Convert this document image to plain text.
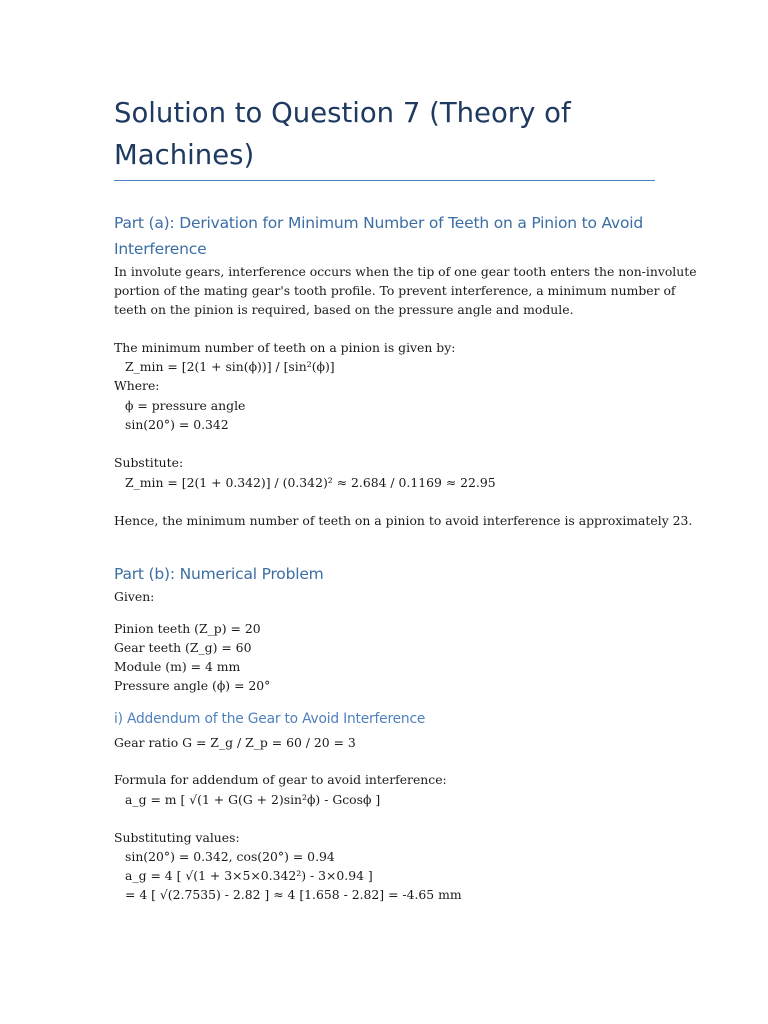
Solution to Question 7 (Theory of Machines)
Part (a): Derivation for Minimum Number of Teeth on a Pinion to Avoid Interference

In involute gears, interference occurs when the tip of one gear tooth enters the non-involute

portion of the mating gear's tooth profile. To prevent interference, a minimum number of

teeth on the pinion is required, based on the pressure angle and module.

The minimum number of teeth on a pinion is given by:

Z_min = [2(1 + sin(ϕ))] / [sin²(ϕ)]

Where:

ϕ = pressure angle

sin(20°) = 0.342

Substitute:

Z_min = [2(1 + 0.342)] / (0.342)² ≈ 2.684 / 0.1169 ≈ 22.95

Hence, the minimum number of teeth on a pinion to avoid interference is approximately 23.

Part (b): Numerical Problem

Given:

Pinion teeth (Z_p) = 20

Gear teeth (Z_g) = 60

Module (m) = 4 mm

Pressure angle (ϕ) = 20°

i) Addendum of the Gear to Avoid Interference

Gear ratio G = Z_g / Z_p = 60 / 20 = 3

Formula for addendum of gear to avoid interference:

a_g = m [ √(1 + G(G + 2)sin²ϕ) - Gcosϕ ]

Substituting values:

sin(20°) = 0.342, cos(20°) = 0.94

a_g = 4 [ √(1 + 3×5×0.342²) - 3×0.94 ]

= 4 [ √(2.7535) - 2.82 ] ≈ 4 [1.658 - 2.82] = -4.65 mm
